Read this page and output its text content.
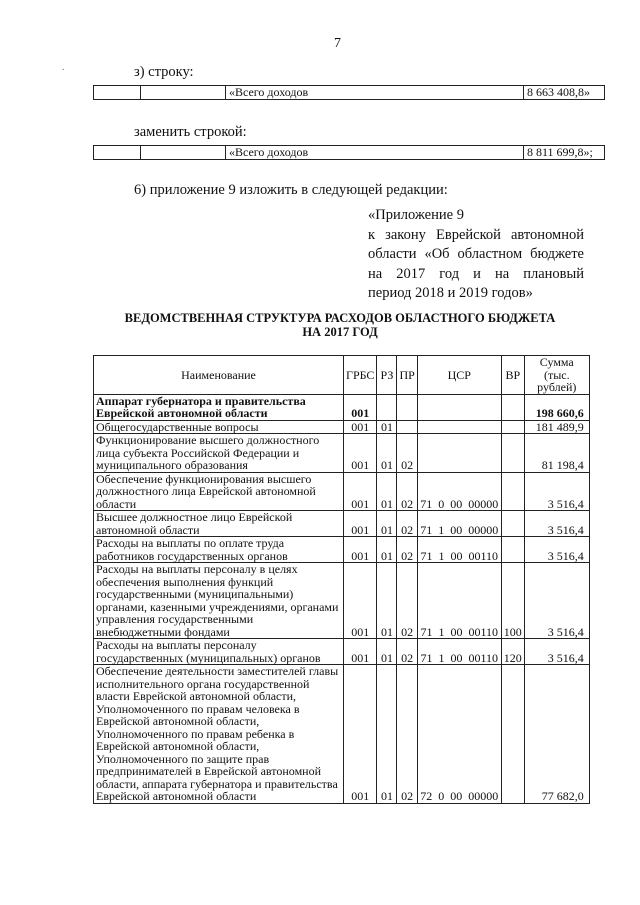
7
.	з) строку:
		«Всего доходов	8 663 408,8»
заменить строкой:
		«Всего доходов	8 811 699,8»;
6) приложение 9 изложить в следующей редакции:
«Приложение 9
к закону Еврейской автономной
области «Об областном бюджете
на 2017 год и на плановый
период 2018 и 2019 годов»
ВЕДОМСТВЕННАЯ СТРУКТУРА РАСХОДОВ ОБЛАСТНОГО БЮДЖЕТА
НА 2017 ГОД
Наименование	ГРБС	РЗ	ПР	ЦСР	ВР	Сумма (тыс. рублей)
Аппарат губернатора и правительства Еврейской автономной области	001					198 660,6
Общегосударственные вопросы	001	01				181 489,9
Функционирование высшего должностного лица субъекта Российской Федерации и муниципального образования	001	01	02			81 198,4
Обеспечение функционирования высшего должностного лица Еврейской автономной области	001	01	02	71 0 00 00000		3 516,4
Высшее должностное лицо Еврейской автономной области	001	01	02	71 1 00 00000		3 516,4
Расходы на выплаты по оплате труда работников государственных органов	001	01	02	71 1 00 00110		3 516,4
Расходы на выплаты персоналу в целях обеспечения выполнения функций государственными (муниципальными) органами, казенными учреждениями, органами управления государственными внебюджетными фондами	001	01	02	71 1 00 00110	100	3 516,4
Расходы на выплаты персоналу государственных (муниципальных) органов	001	01	02	71 1 00 00110	120	3 516,4
Обеспечение деятельности заместителей главы исполнительного органа государственной власти Еврейской автономной области, Уполномоченного по правам человека в Еврейской автономной области, Уполномоченного по правам ребенка в Еврейской автономной области, Уполномоченного по защите прав предпринимателей в Еврейской автономной области, аппарата губернатора и правительства Еврейской автономной области	001	01	02	72 0 00 00000		77 682,0
